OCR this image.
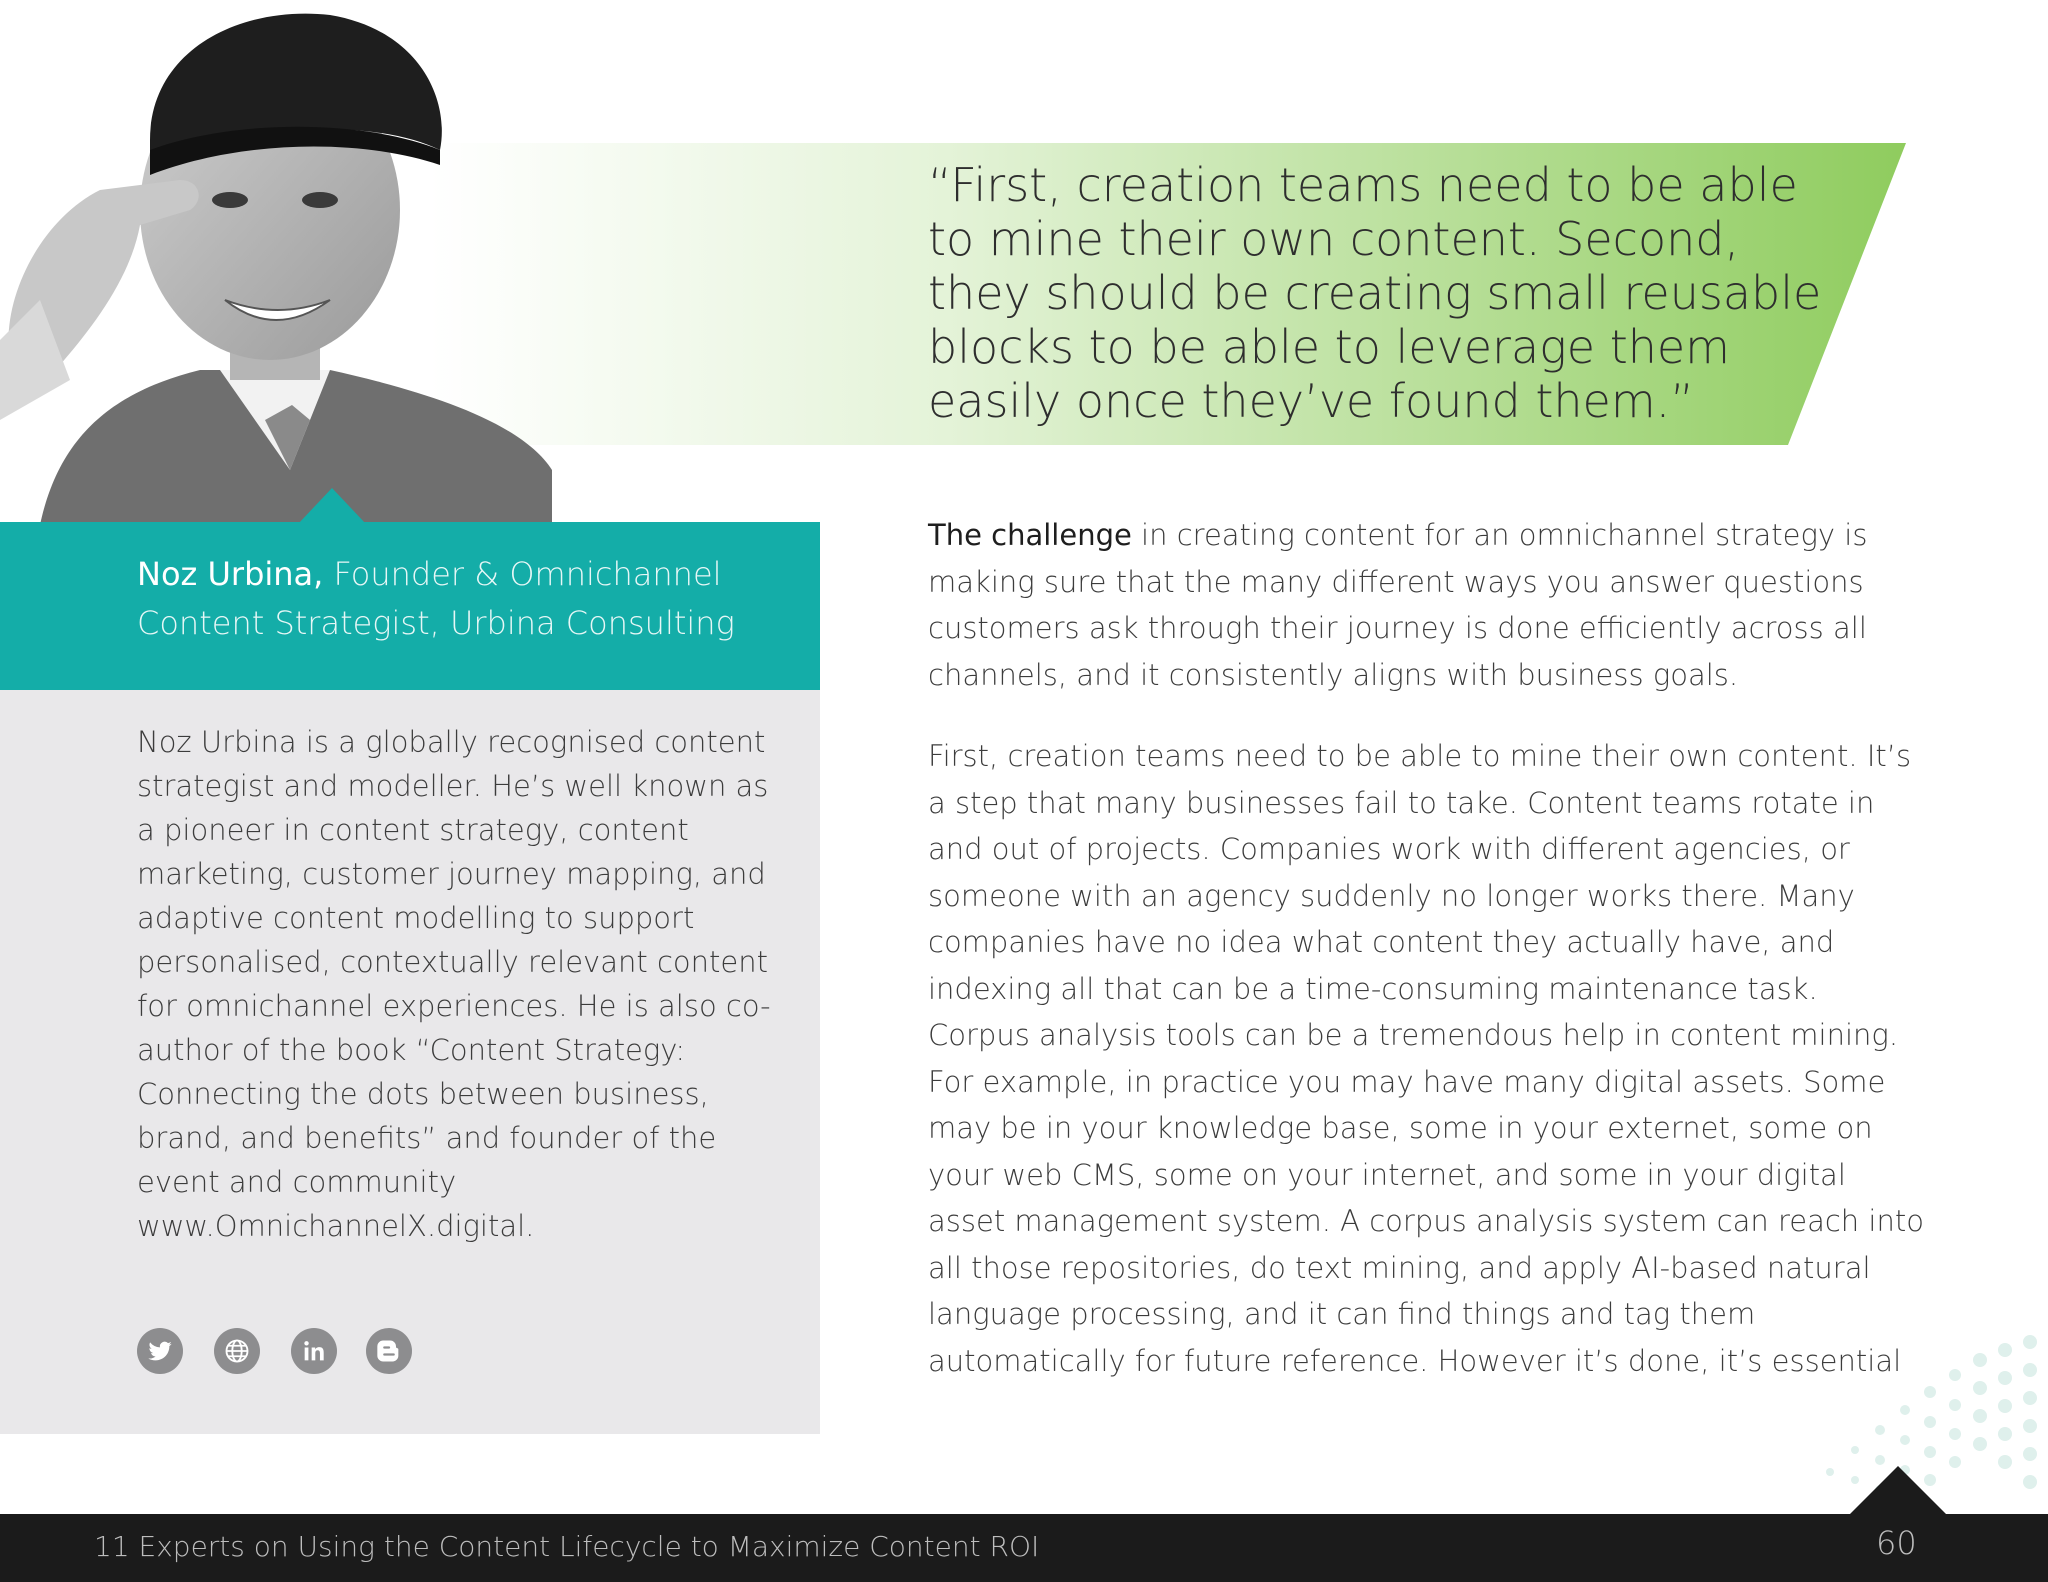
“First, creation teams need to be able to mine their own content. Second, they should be creating small reusable blocks to be able to leverage them easily once they’ve found them.”

Noz Urbina, Founder & Omnichannel Content Strategist, Urbina Consulting

Noz Urbina is a globally recognised content strategist and modeller. He’s well known as a pioneer in content strategy, content marketing, customer journey mapping, and adaptive content modelling to support personalised, contextually relevant content for omnichannel experiences. He is also co-author of the book “Content Strategy: Connecting the dots between business, brand, and benefits” and founder of the event and community www.OmnichannelX.digital.

The challenge in creating content for an omnichannel strategy is making sure that the many different ways you answer questions customers ask through their journey is done efficiently across all channels, and it consistently aligns with business goals.

First, creation teams need to be able to mine their own content. It’s a step that many businesses fail to take. Content teams rotate in and out of projects. Companies work with different agencies, or someone with an agency suddenly no longer works there. Many companies have no idea what content they actually have, and indexing all that can be a time-consuming maintenance task. Corpus analysis tools can be a tremendous help in content mining. For example, in practice you may have many digital assets. Some may be in your knowledge base, some in your externet, some on your web CMS, some on your internet, and some in your digital asset management system. A corpus analysis system can reach into all those repositories, do text mining, and apply AI-based natural language processing, and it can find things and tag them automatically for future reference. However it’s done, it’s essential

11 Experts on Using the Content Lifecycle to Maximize Content ROI	60
